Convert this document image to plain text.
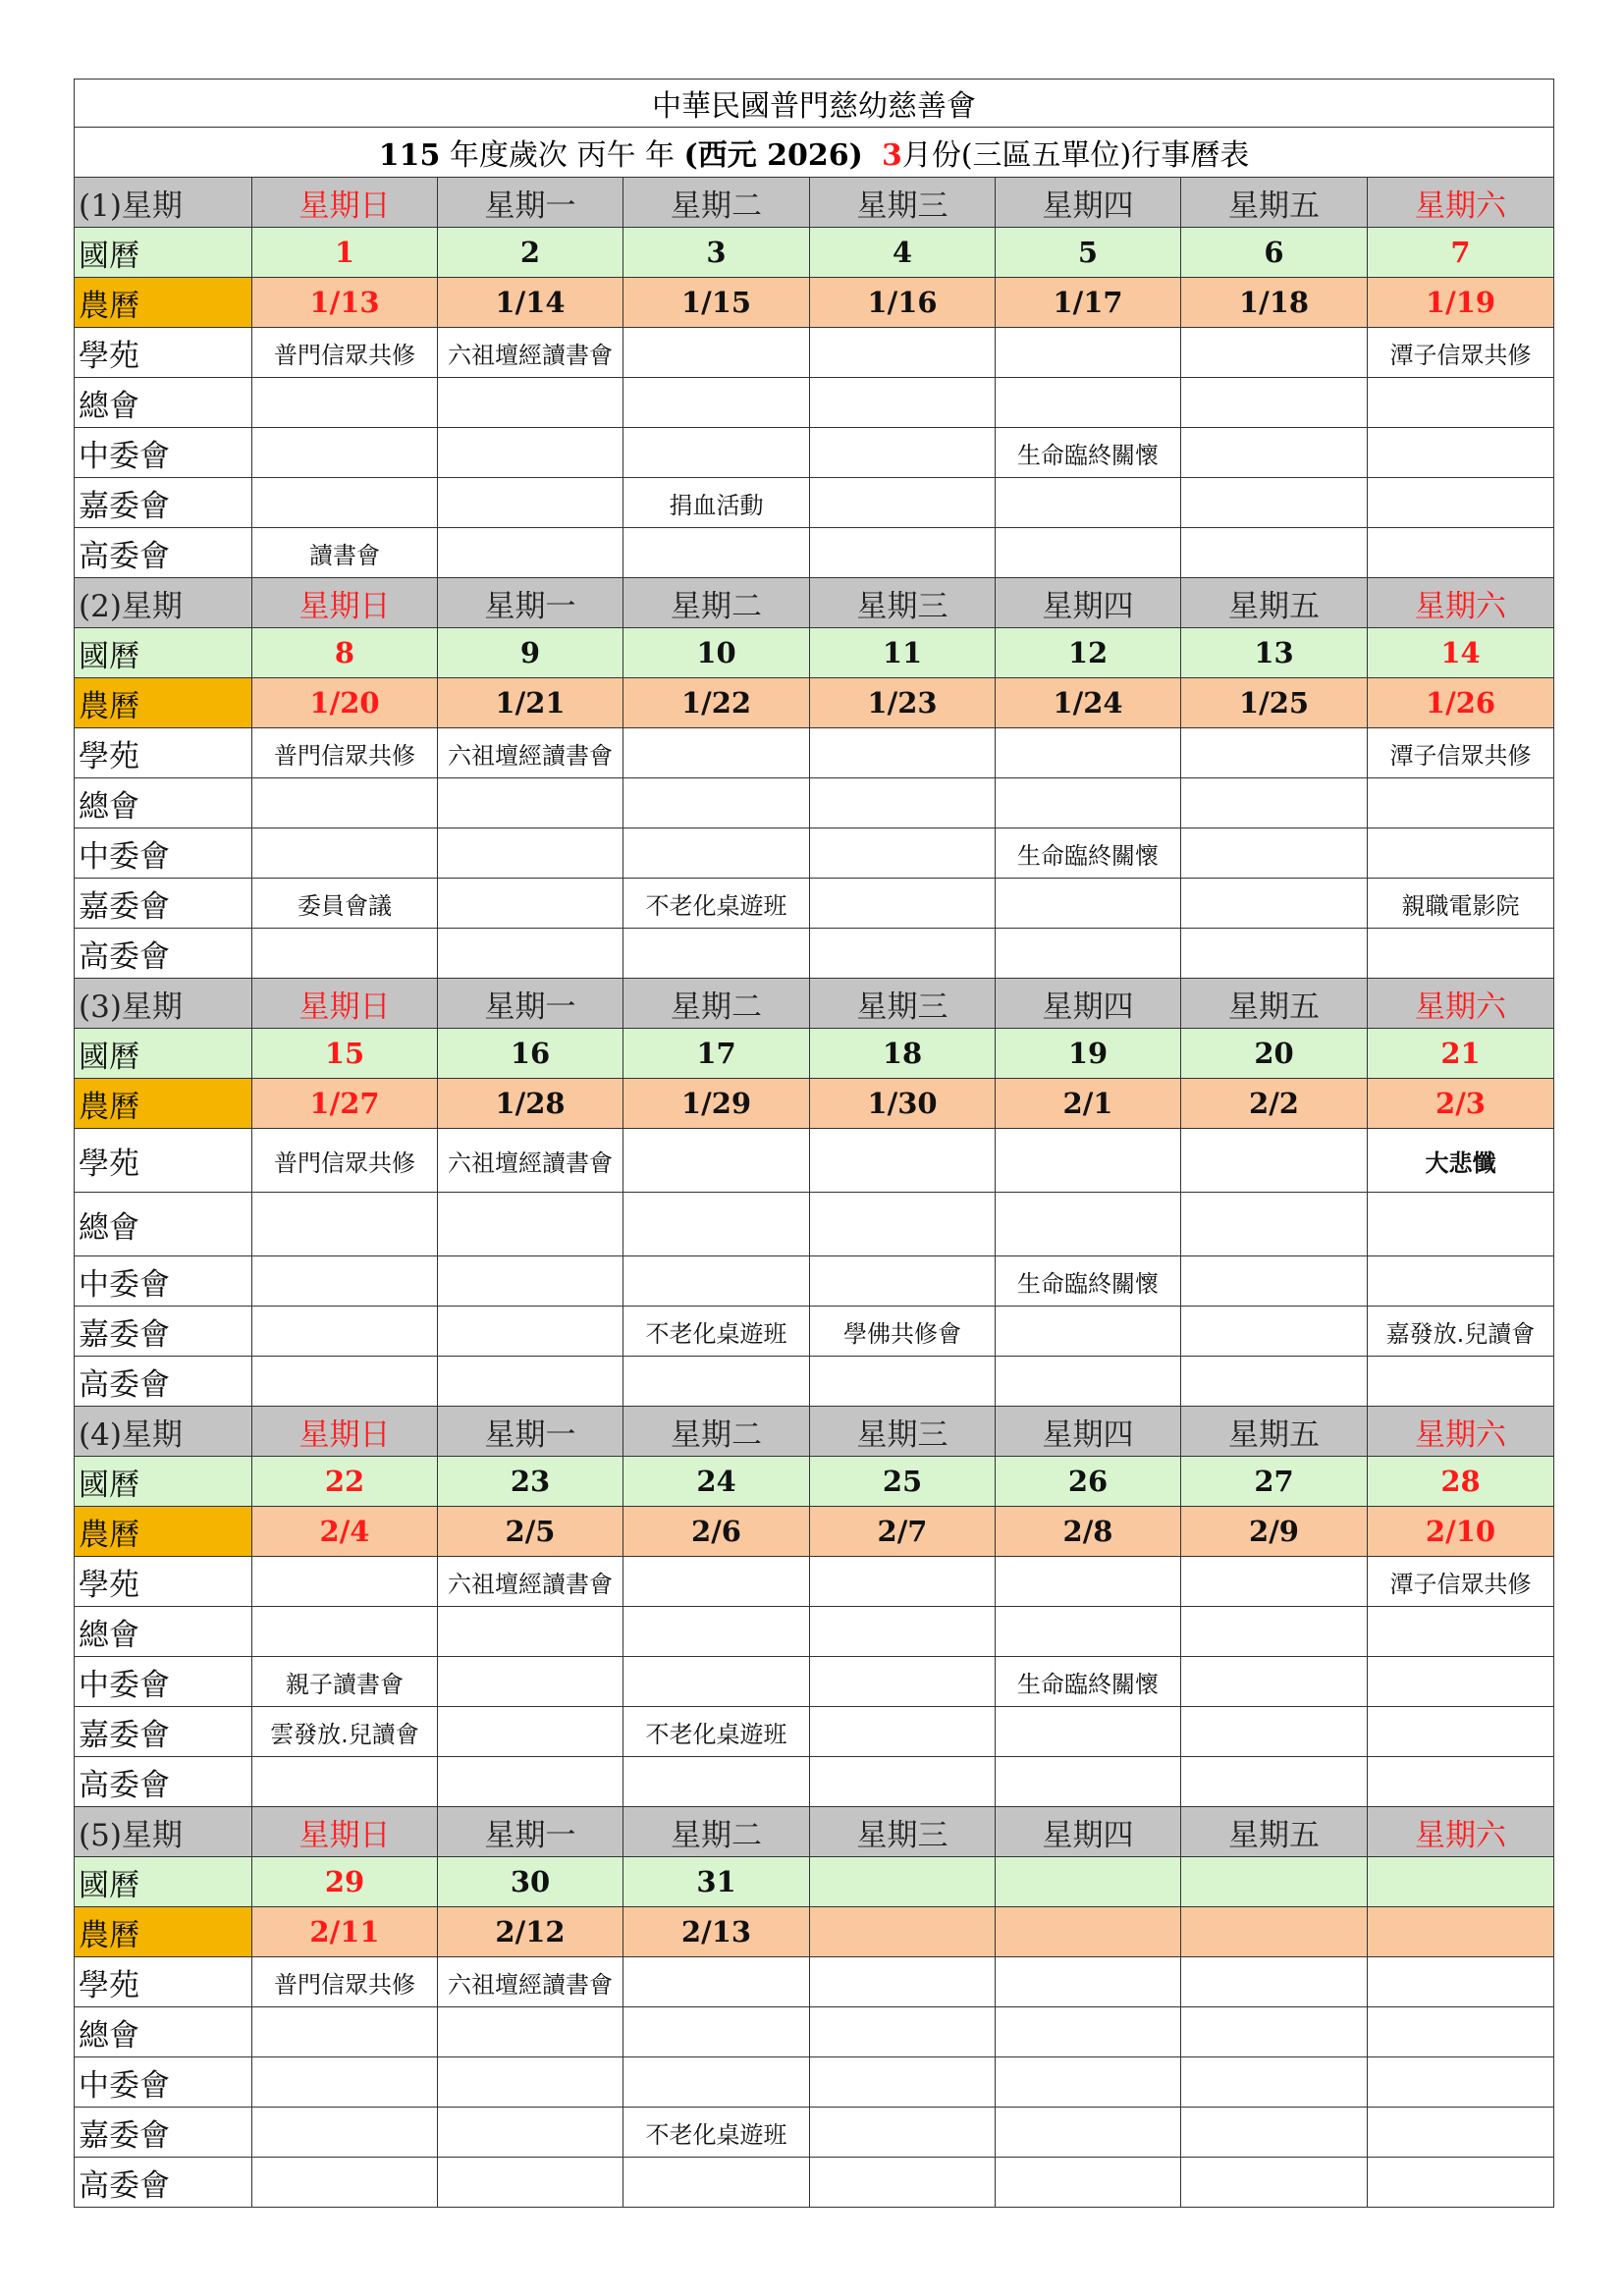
中華民國普門慈幼慈善會							
115 年度歲次 丙午 年 (西元 2026) 3月份(三區五單位)行事曆表							
(1)星期	星期日	星期一	星期二	星期三	星期四	星期五	星期六
國曆	1	2	3	4	5	6	7
農曆	1/13	1/14	1/15	1/16	1/17	1/18	1/19
學苑	普門信眾共修	六祖壇經讀書會					潭子信眾共修
總會							
中委會					生命臨終關懷		
嘉委會			捐血活動				
高委會	讀書會						
(2)星期	星期日	星期一	星期二	星期三	星期四	星期五	星期六
國曆	8	9	10	11	12	13	14
農曆	1/20	1/21	1/22	1/23	1/24	1/25	1/26
學苑	普門信眾共修	六祖壇經讀書會					潭子信眾共修
總會							
中委會					生命臨終關懷		
嘉委會	委員會議		不老化桌遊班				親職電影院
高委會							
(3)星期	星期日	星期一	星期二	星期三	星期四	星期五	星期六
國曆	15	16	17	18	19	20	21
農曆	1/27	1/28	1/29	1/30	2/1	2/2	2/3
學苑	普門信眾共修	六祖壇經讀書會					大悲懺
總會							
中委會					生命臨終關懷		
嘉委會			不老化桌遊班	學佛共修會			嘉發放.兒讀會
高委會							
(4)星期	星期日	星期一	星期二	星期三	星期四	星期五	星期六
國曆	22	23	24	25	26	27	28
農曆	2/4	2/5	2/6	2/7	2/8	2/9	2/10
學苑		六祖壇經讀書會					潭子信眾共修
總會							
中委會	親子讀書會				生命臨終關懷		
嘉委會	雲發放.兒讀會		不老化桌遊班				
高委會							
(5)星期	星期日	星期一	星期二	星期三	星期四	星期五	星期六
國曆	29	30	31				
農曆	2/11	2/12	2/13				
學苑	普門信眾共修	六祖壇經讀書會					
總會							
中委會							
嘉委會			不老化桌遊班				
高委會							
